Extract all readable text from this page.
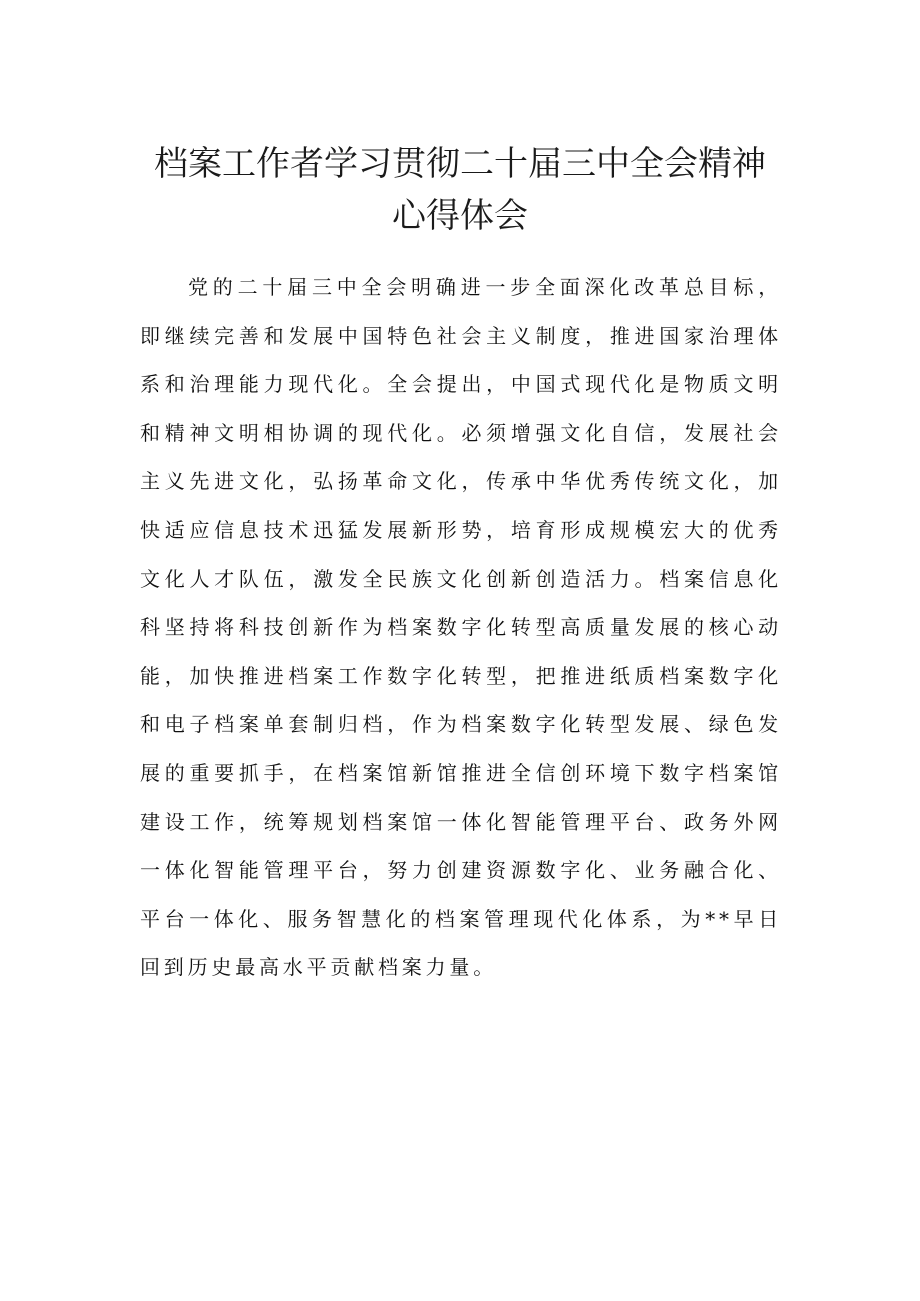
档案工作者学习贯彻二十届三中全会精神
心得体会

党的二十届三中全会明确进一步全面深化改革总目标，即继续完善和发展中国特色社会主义制度，推进国家治理体系和治理能力现代化。全会提出，中国式现代化是物质文明和精神文明相协调的现代化。必须增强文化自信，发展社会主义先进文化，弘扬革命文化，传承中华优秀传统文化，加快适应信息技术迅猛发展新形势，培育形成规模宏大的优秀文化人才队伍，激发全民族文化创新创造活力。档案信息化科坚持将科技创新作为档案数字化转型高质量发展的核心动能，加快推进档案工作数字化转型，把推进纸质档案数字化和电子档案单套制归档，作为档案数字化转型发展、绿色发展的重要抓手，在档案馆新馆推进全信创环境下数字档案馆建设工作，统筹规划档案馆一体化智能管理平台、政务外网一体化智能管理平台，努力创建资源数字化、业务融合化、平台一体化、服务智慧化的档案管理现代化体系，为**早日回到历史最高水平贡献档案力量。
